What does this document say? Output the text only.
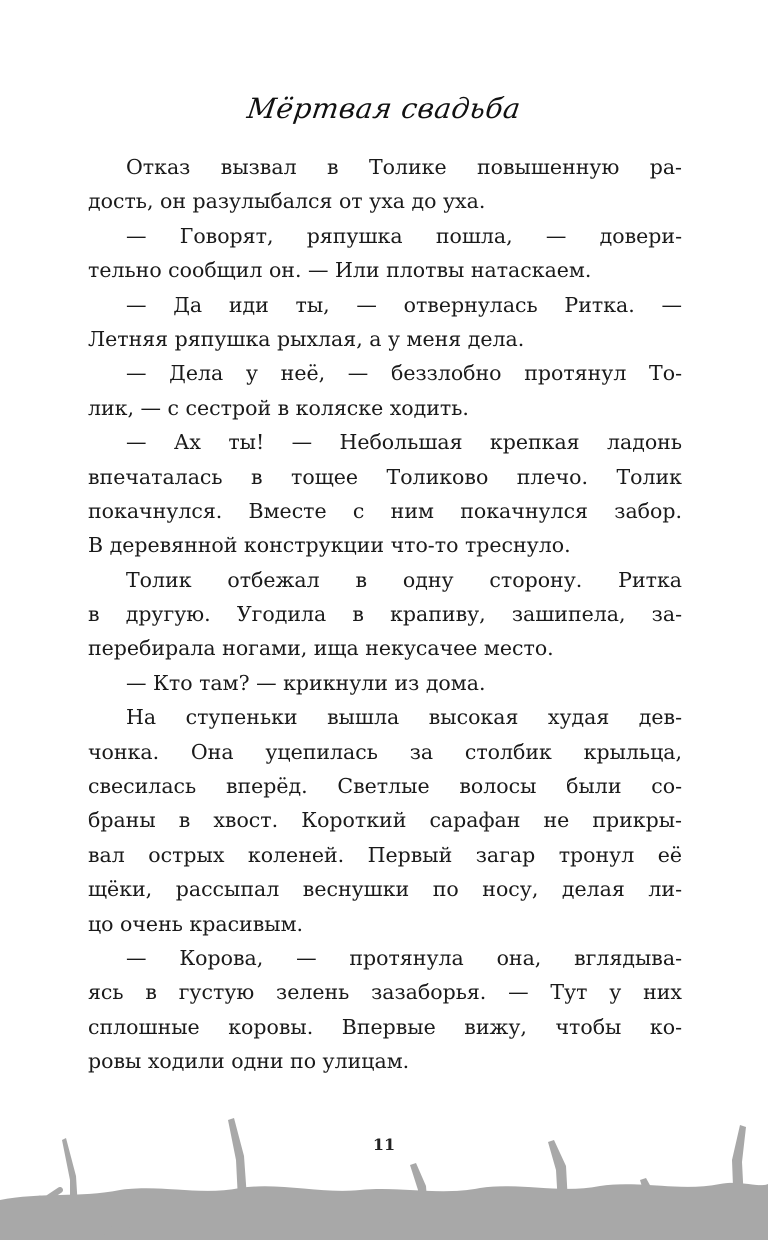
Мёртвая свадьба
Отказ вызвал в Толике повышенную ра-
дость, он разулыбался от уха до уха.
— Говорят, ряпушка пошла, — довери-
тельно сообщил он. — Или плотвы натаскаем.
— Да иди ты, — отвернулась Ритка. —
Летняя ряпушка рыхлая, а у меня дела.
— Дела у неё, — беззлобно протянул То-
лик, — с сестрой в коляске ходить.
— Ах ты! — Небольшая крепкая ладонь
впечаталась в тощее Толиково плечо. Толик
покачнулся. Вместе с ним покачнулся забор.
В деревянной конструкции что-то треснуло.
Толик отбежал в одну сторону. Ритка
в другую. Угодила в крапиву, зашипела, за-
перебирала ногами, ища некусачее место.
— Кто там? — крикнули из дома.
На ступеньки вышла высокая худая дев-
чонка. Она уцепилась за столбик крыльца,
свесилась вперёд. Светлые волосы были со-
браны в хвост. Короткий сарафан не прикры-
вал острых коленей. Первый загар тронул её
щёки, рассыпал веснушки по носу, делая ли-
цо очень красивым.
— Корова, — протянула она, вглядыва-
ясь в густую зелень зазаборья. — Тут у них
сплошные коровы. Впервые вижу, чтобы ко-
ровы ходили одни по улицам.
11
